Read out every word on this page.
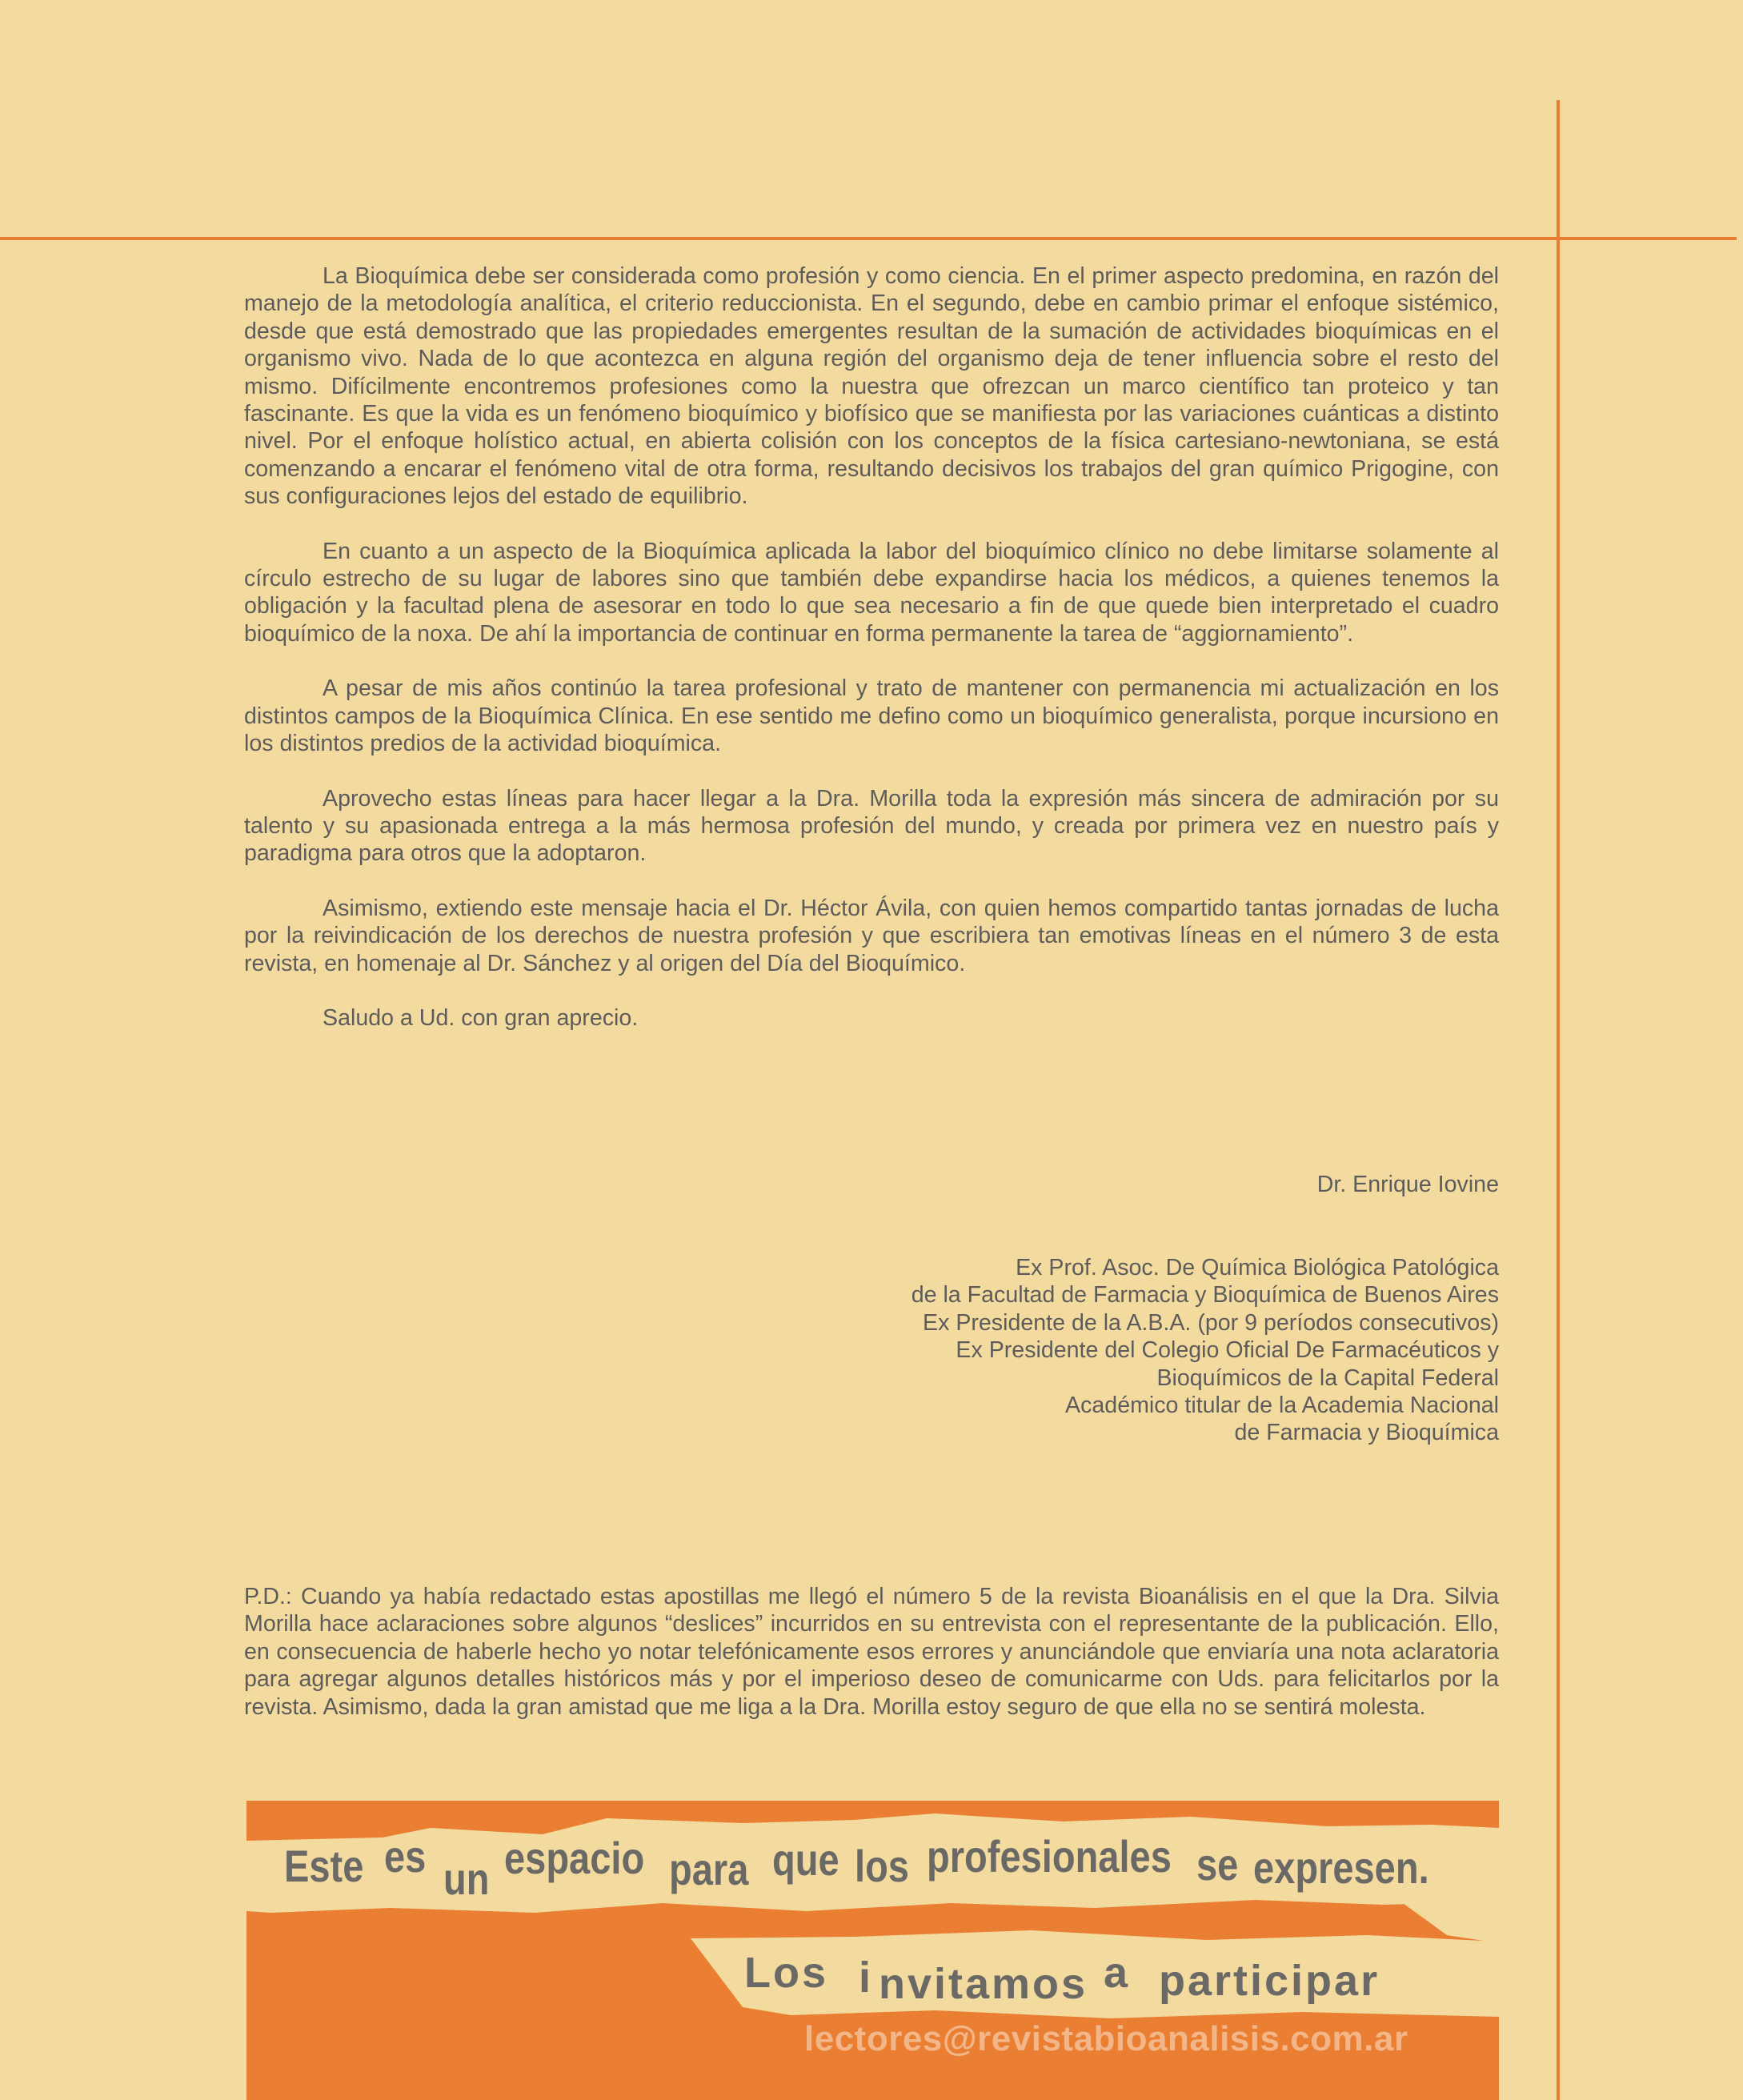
La Bioquímica debe ser considerada como profesión y como ciencia. En el primer aspecto predomina, en razón del manejo de la metodología analítica, el criterio reduccionista. En el segundo, debe en cambio primar el enfoque sistémico, desde que está demostrado que las propiedades emergentes resultan de la sumación de actividades bioquímicas en el organismo vivo. Nada de lo que acontezca en alguna región del organismo deja de tener influencia sobre el resto del mismo. Difícilmente encontremos profesiones como la nuestra que ofrezcan un marco científico tan proteico y tan fascinante. Es que la vida es un fenómeno bioquímico y biofísico que se manifiesta por las variaciones cuánticas a distinto nivel. Por el enfoque holístico actual, en abierta colisión con los conceptos de la física cartesiano-newtoniana, se está comenzando a encarar el fenómeno vital de otra forma, resultando decisivos los trabajos del gran químico Prigogine, con sus configuraciones lejos del estado de equilibrio.

En cuanto a un aspecto de la Bioquímica aplicada la labor del bioquímico clínico no debe limitarse solamente al círculo estrecho de su lugar de labores sino que también debe expandirse hacia los médicos, a quienes tenemos la obligación y la facultad plena de asesorar en todo lo que sea necesario a fin de que quede bien interpretado el cuadro bioquímico de la noxa. De ahí la importancia de continuar en forma permanente la tarea de “aggiornamiento”.

A pesar de mis años continúo la tarea profesional y trato de mantener con permanencia mi actualización en los distintos campos de la Bioquímica Clínica. En ese sentido me defino como un bioquímico generalista, porque incursiono en los distintos predios de la actividad bioquímica.

Aprovecho estas líneas para hacer llegar a la Dra. Morilla toda la expresión más sincera de admiración por su talento y su apasionada entrega a la más hermosa profesión del mundo, y creada por primera vez en nuestro país y paradigma para otros que la adoptaron.

Asimismo, extiendo este mensaje hacia el Dr. Héctor Ávila, con quien hemos compartido tantas jornadas de lucha por la reivindicación de los derechos de nuestra profesión y que escribiera tan emotivas líneas en el número 3 de esta revista, en homenaje al Dr. Sánchez y al origen del Día del Bioquímico.

Saludo a Ud. con gran aprecio.

Dr. Enrique Iovine
Ex Prof. Asoc. De Química Biológica Patológica
de la Facultad de Farmacia y Bioquímica de Buenos Aires
Ex Presidente de la A.B.A. (por 9 períodos consecutivos)
Ex Presidente del Colegio Oficial De Farmacéuticos y
Bioquímicos de la Capital Federal
Académico titular de la Academia Nacional
de Farmacia y Bioquímica

P.D.: Cuando ya había redactado estas apostillas me llegó el número 5 de la revista Bioanálisis en el que la Dra. Silvia Morilla hace aclaraciones sobre algunos “deslices” incurridos en su entrevista con el representante de la publicación. Ello, en consecuencia de haberle hecho yo notar telefónicamente esos errores y anunciándole que enviaría una nota aclaratoria para agregar algunos detalles históricos más y por el imperioso deseo de comunicarme con Uds. para felicitarlos por la revista. Asimismo, dada la gran amistad que me liga a la Dra. Morilla estoy seguro de que ella no se sentirá molesta.

Este es un espacio para que los profesionales se expresen.
Los i nvitamos a participar
lectores@revistabioanalisis.com.ar
